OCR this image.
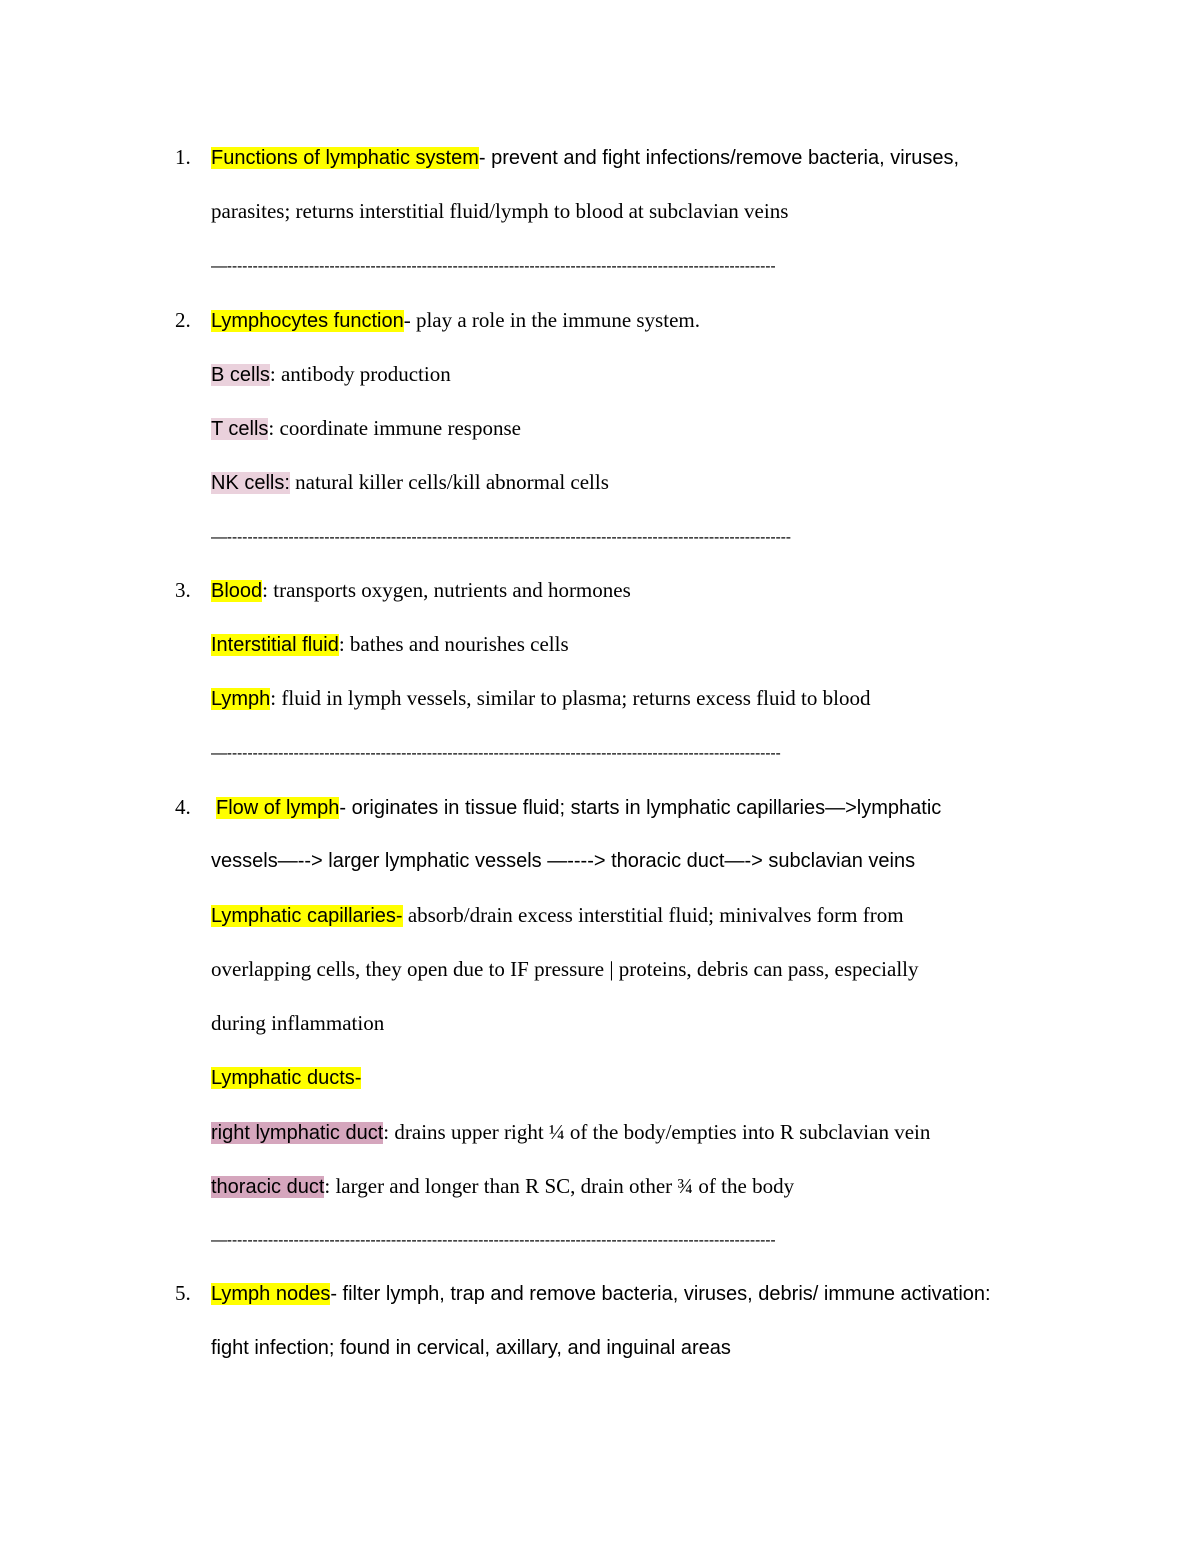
1. Functions of lymphatic system- prevent and fight infections/remove bacteria, viruses,
parasites; returns interstitial fluid/lymph to blood at subclavian veins
—-----------------------------------------------------------------------------------------------------------
2. Lymphocytes function- play a role in the immune system.
B cells: antibody production
T cells: coordinate immune response
NK cells: natural killer cells/kill abnormal cells
—--------------------------------------------------------------------------------------------------------------
3. Blood: transports oxygen, nutrients and hormones
Interstitial fluid: bathes and nourishes cells
Lymph: fluid in lymph vessels, similar to plasma; returns excess fluid to blood
—------------------------------------------------------------------------------------------------------------
4. Flow of lymph- originates in tissue fluid; starts in lymphatic capillaries—>lymphatic
vessels—--> larger lymphatic vessels —----> thoracic duct—-> subclavian veins
Lymphatic capillaries- absorb/drain excess interstitial fluid; minivalves form from
overlapping cells, they open due to IF pressure | proteins, debris can pass, especially
during inflammation
Lymphatic ducts-
right lymphatic duct: drains upper right ¼ of the body/empties into R subclavian vein
thoracic duct: larger and longer than R SC, drain other ¾ of the body
—-----------------------------------------------------------------------------------------------------------
5. Lymph nodes- filter lymph, trap and remove bacteria, viruses, debris/ immune activation:
fight infection; found in cervical, axillary, and inguinal areas
